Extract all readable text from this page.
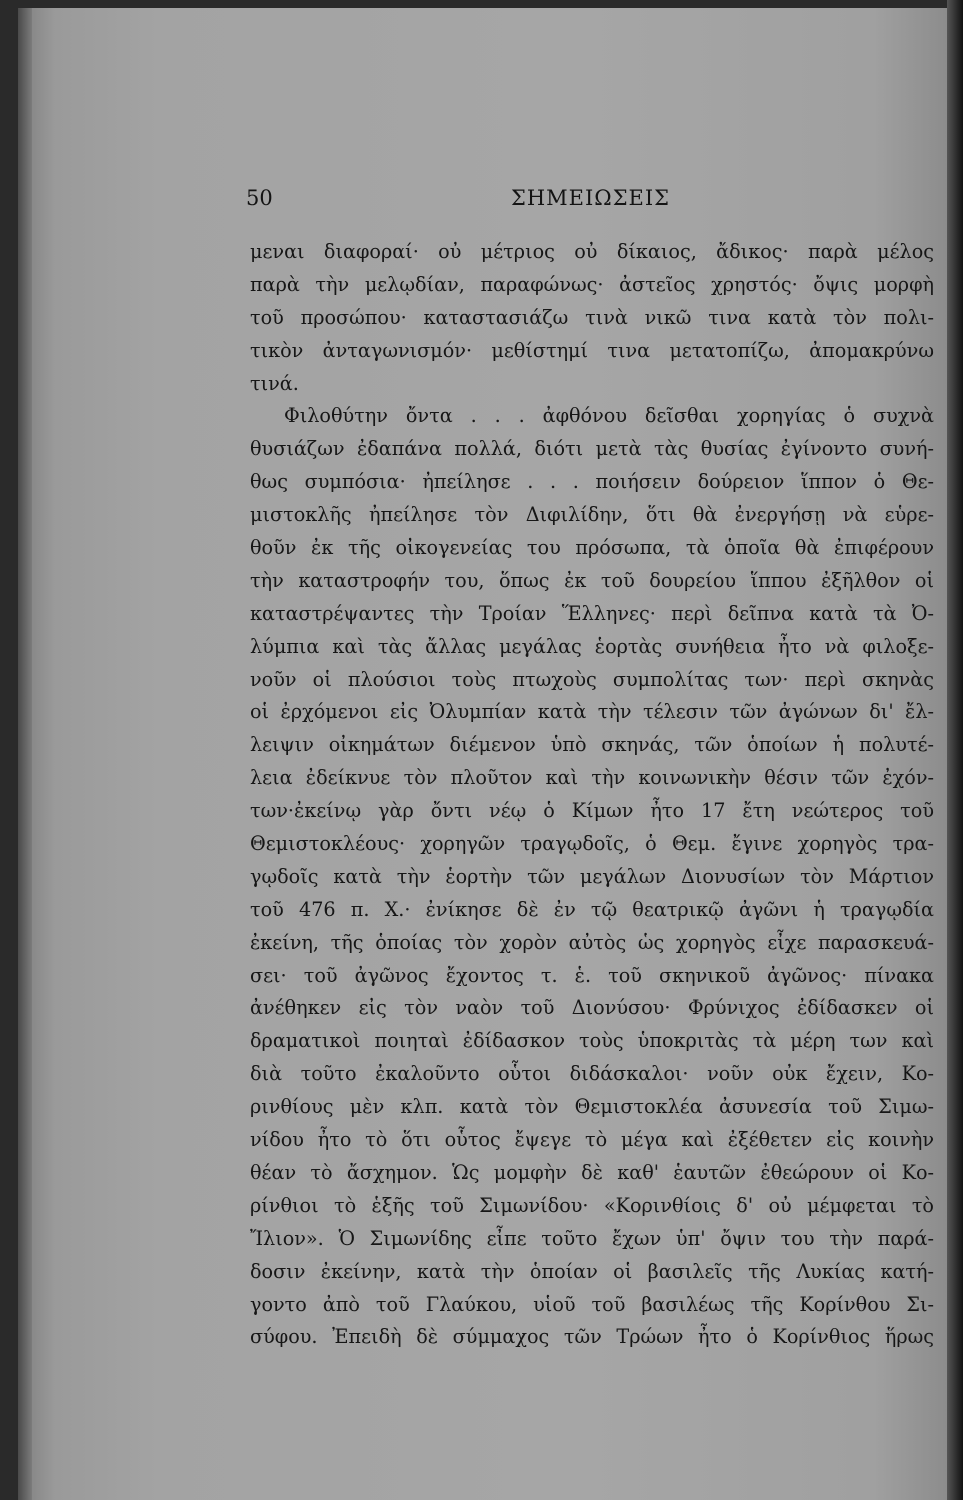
50	ΣΗΜΕΙΩΣΕΙΣ
μεναι διαφοραί· οὐ μέτριος οὐ δίκαιος, ἄδικος· παρὰ μέλος
παρὰ τὴν μελῳδίαν, παραφώνως· ἀστεῖος χρηστός· ὄψις μορφὴ
τοῦ προσώπου· καταστασιάζω τινὰ νικῶ τινα κατὰ τὸν πολι-
τικὸν ἀνταγωνισμόν· μεθίστημί τινα μετατοπίζω, ἀπομακρύνω
τινά.
Φιλοθύτην ὄντα . . . ἀφθόνου δεῖσθαι χορηγίας ὁ συχνὰ
θυσιάζων ἐδαπάνα πολλά, διότι μετὰ τὰς θυσίας ἐγίνοντο συνή-
θως συμπόσια· ἠπείλησε . . . ποιήσειν δούρειον ἵππον ὁ Θε-
μιστοκλῆς ἠπείλησε τὸν Διφιλίδην, ὅτι θὰ ἐνεργήσῃ νὰ εὑρε-
θοῦν ἐκ τῆς οἰκογενείας του πρόσωπα, τὰ ὁποῖα θὰ ἐπιφέρουν
τὴν καταστροφήν του, ὅπως ἐκ τοῦ δουρείου ἵππου ἐξῆλθον οἱ
καταστρέψαντες τὴν Τροίαν Ἕλληνες· περὶ δεῖπνα κατὰ τὰ Ὀ-
λύμπια καὶ τὰς ἄλλας μεγάλας ἑορτὰς συνήθεια ἦτο νὰ φιλοξε-
νοῦν οἱ πλούσιοι τοὺς πτωχοὺς συμπολίτας των· περὶ σκηνὰς
οἱ ἐρχόμενοι εἰς Ὀλυμπίαν κατὰ τὴν τέλεσιν τῶν ἀγώνων δι' ἔλ-
λειψιν οἰκημάτων διέμενον ὑπὸ σκηνάς, τῶν ὁποίων ἡ πολυτέ-
λεια ἐδείκνυε τὸν πλοῦτον καὶ τὴν κοινωνικὴν θέσιν τῶν ἐχόν-
των·ἐκείνῳ γὰρ ὄντι νέῳ ὁ Κίμων ἦτο 17 ἔτη νεώτερος τοῦ
Θεμιστοκλέους· χορηγῶν τραγῳδοῖς, ὁ Θεμ. ἔγινε χορηγὸς τρα-
γῳδοῖς κατὰ τὴν ἑορτὴν τῶν μεγάλων Διονυσίων τὸν Μάρτιον
τοῦ 476 π. Χ.· ἐνίκησε δὲ ἐν τῷ θεατρικῷ ἀγῶνι ἡ τραγῳδία
ἐκείνη, τῆς ὁποίας τὸν χορὸν αὐτὸς ὡς χορηγὸς εἶχε παρασκευά-
σει· τοῦ ἀγῶνος ἔχοντος τ. ἑ. τοῦ σκηνικοῦ ἀγῶνος· πίνακα
ἀνέθηκεν εἰς τὸν ναὸν τοῦ Διονύσου· Φρύνιχος ἐδίδασκεν οἱ
δραματικοὶ ποιηταὶ ἐδίδασκον τοὺς ὑποκριτὰς τὰ μέρη των καὶ
διὰ τοῦτο ἐκαλοῦντο οὗτοι διδάσκαλοι· νοῦν οὐκ ἔχειν, Κο-
ρινθίους μὲν κλπ. κατὰ τὸν Θεμιστοκλέα ἀσυνεσία τοῦ Σιμω-
νίδου ἦτο τὸ ὅτι οὗτος ἔψεγε τὸ μέγα καὶ ἐξέθετεν εἰς κοινὴν
θέαν τὸ ἄσχημον. Ὡς μομφὴν δὲ καθ' ἑαυτῶν ἐθεώρουν οἱ Κο-
ρίνθιοι τὸ ἑξῆς τοῦ Σιμωνίδου· «Κορινθίοις δ' οὐ μέμφεται τὸ
Ἴλιον». Ὁ Σιμωνίδης εἶπε τοῦτο ἔχων ὑπ' ὄψιν του τὴν παρά-
δοσιν ἐκείνην, κατὰ τὴν ὁποίαν οἱ βασιλεῖς τῆς Λυκίας κατή-
γοντο ἀπὸ τοῦ Γλαύκου, υἱοῦ τοῦ βασιλέως τῆς Κορίνθου Σι-
σύφου. Ἐπειδὴ δὲ σύμμαχος τῶν Τρώων ἦτο ὁ Κορίνθιος ἥρως
